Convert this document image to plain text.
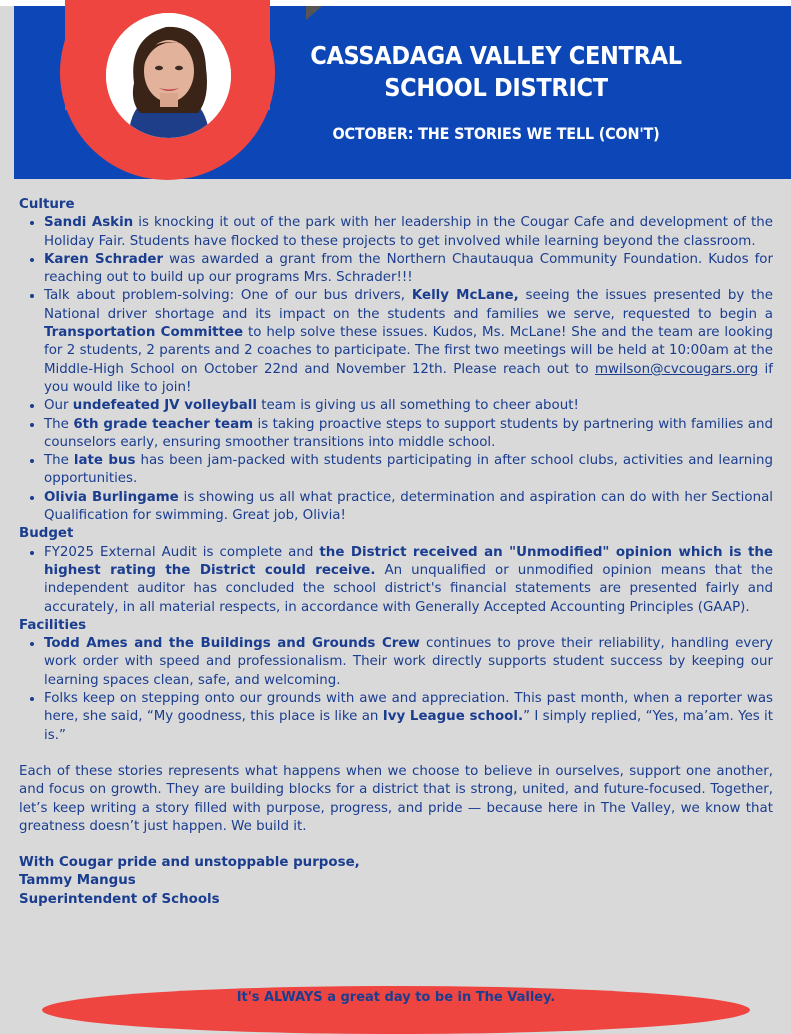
CASSADAGA VALLEY CENTRAL
SCHOOL DISTRICT
OCTOBER: THE STORIES WE TELL (CON'T)
Culture
• Sandi Askin is knocking it out of the park with her leadership in the Cougar Cafe and development of the Holiday Fair. Students have flocked to these projects to get involved while learning beyond the classroom.
• Karen Schrader was awarded a grant from the Northern Chautauqua Community Foundation. Kudos for reaching out to build up our programs Mrs. Schrader!!!
• Talk about problem-solving: One of our bus drivers, Kelly McLane, seeing the issues presented by the National driver shortage and its impact on the students and families we serve, requested to begin a Transportation Committee to help solve these issues. Kudos, Ms. McLane! She and the team are looking for 2 students, 2 parents and 2 coaches to participate. The first two meetings will be held at 10:00am at the Middle-High School on October 22nd and November 12th. Please reach out to mwilson@cvcougars.org if you would like to join!
• Our undefeated JV volleyball team is giving us all something to cheer about!
• The 6th grade teacher team is taking proactive steps to support students by partnering with families and counselors early, ensuring smoother transitions into middle school.
• The late bus has been jam-packed with students participating in after school clubs, activities and learning opportunities.
• Olivia Burlingame is showing us all what practice, determination and aspiration can do with her Sectional Qualification for swimming. Great job, Olivia!
Budget
• FY2025 External Audit is complete and the District received an "Unmodified" opinion which is the highest rating the District could receive. An unqualified or unmodified opinion means that the independent auditor has concluded the school district's financial statements are presented fairly and accurately, in all material respects, in accordance with Generally Accepted Accounting Principles (GAAP).
Facilities
• Todd Ames and the Buildings and Grounds Crew continues to prove their reliability, handling every work order with speed and professionalism. Their work directly supports student success by keeping our learning spaces clean, safe, and welcoming.
• Folks keep on stepping onto our grounds with awe and appreciation. This past month, when a reporter was here, she said, “My goodness, this place is like an Ivy League school.” I simply replied, “Yes, ma’am. Yes it is.”
Each of these stories represents what happens when we choose to believe in ourselves, support one another, and focus on growth. They are building blocks for a district that is strong, united, and future-focused. Together, let’s keep writing a story filled with purpose, progress, and pride — because here in The Valley, we know that greatness doesn’t just happen. We build it.
With Cougar pride and unstoppable purpose,
Tammy Mangus
Superintendent of Schools
It's ALWAYS a great day to be in The Valley.
